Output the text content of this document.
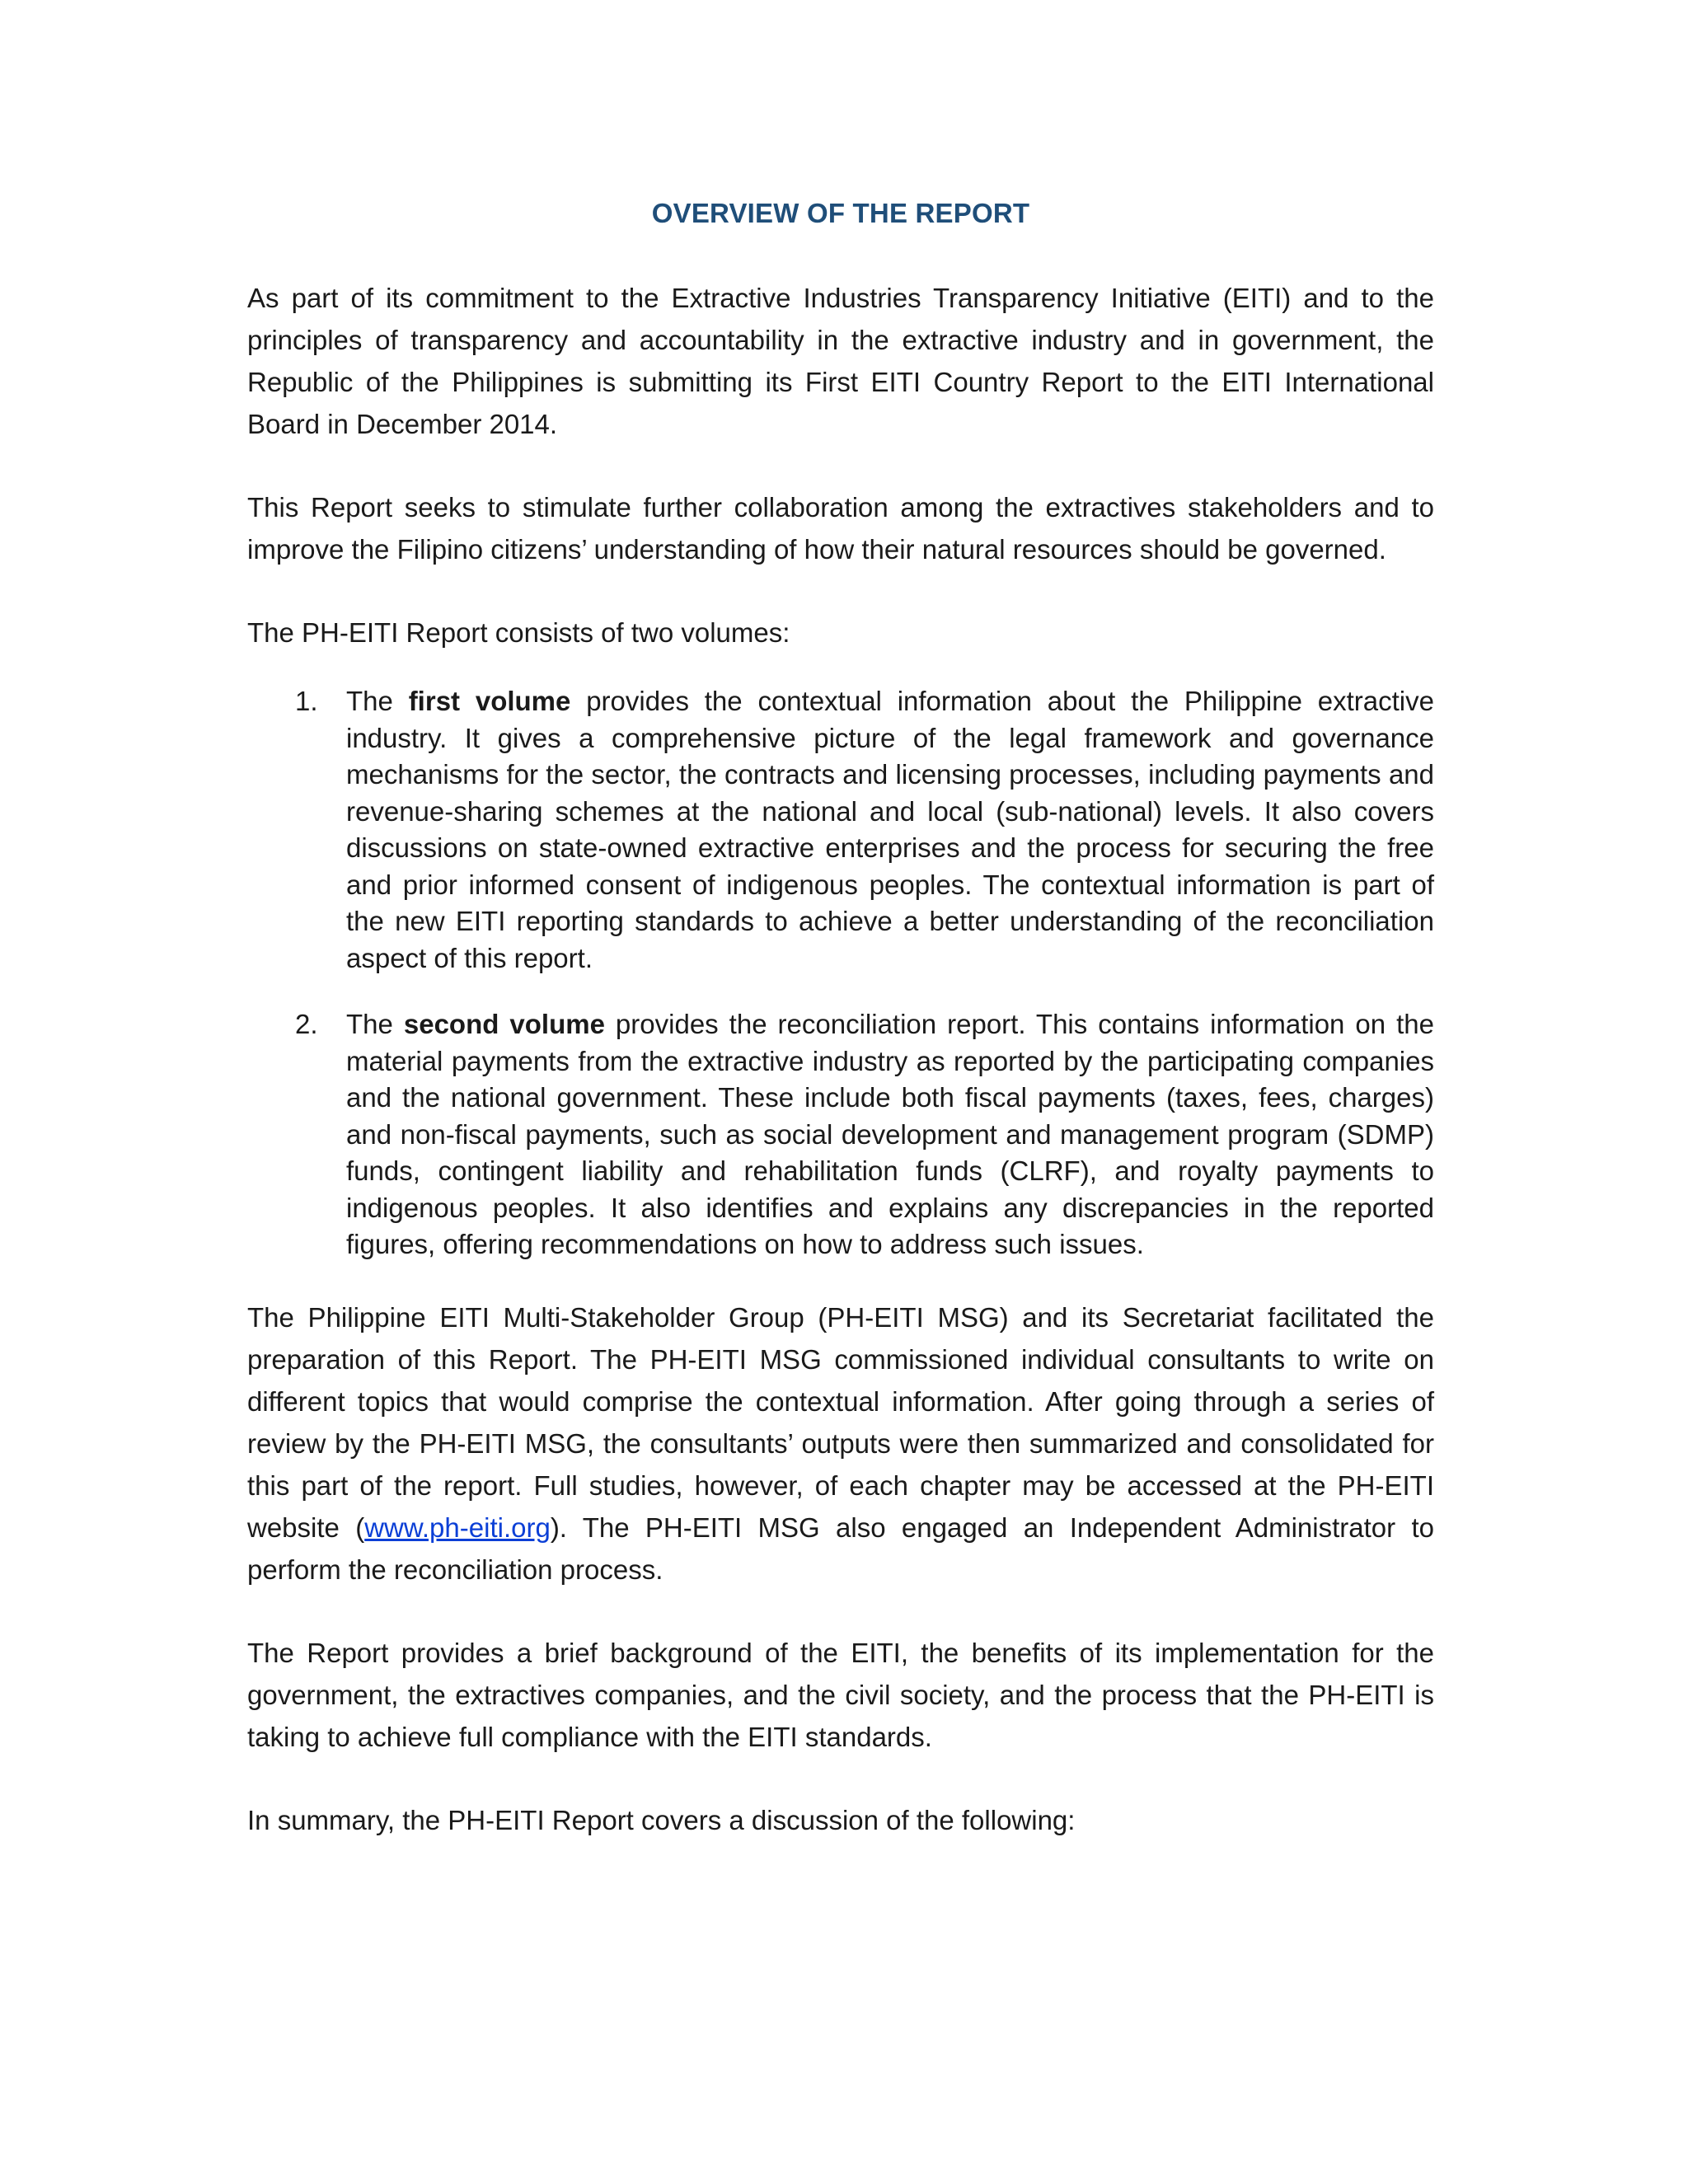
OVERVIEW OF THE REPORT

As part of its commitment to the Extractive Industries Transparency Initiative (EITI) and to the principles of transparency and accountability in the extractive industry and in government, the Republic of the Philippines is submitting its First EITI Country Report to the EITI International Board in December 2014.

This Report seeks to stimulate further collaboration among the extractives stakeholders and to improve the Filipino citizens’ understanding of how their natural resources should be governed.

The PH-EITI Report consists of two volumes:

1.	The first volume provides the contextual information about the Philippine extractive industry. It gives a comprehensive picture of the legal framework and governance mechanisms for the sector, the contracts and licensing processes, including payments and revenue-sharing schemes at the national and local (sub-national) levels. It also covers discussions on state-owned extractive enterprises and the process for securing the free and prior informed consent of indigenous peoples. The contextual information is part of the new EITI reporting standards to achieve a better understanding of the reconciliation aspect of this report.
2.	The second volume provides the reconciliation report. This contains information on the material payments from the extractive industry as reported by the participating companies and the national government. These include both fiscal payments (taxes, fees, charges) and non-fiscal payments, such as social development and management program (SDMP) funds, contingent liability and rehabilitation funds (CLRF), and royalty payments to indigenous peoples. It also identifies and explains any discrepancies in the reported figures, offering recommendations on how to address such issues.

The Philippine EITI Multi-Stakeholder Group (PH-EITI MSG) and its Secretariat facilitated the preparation of this Report. The PH-EITI MSG commissioned individual consultants to write on different topics that would comprise the contextual information. After going through a series of review by the PH-EITI MSG, the consultants’ outputs were then summarized and consolidated for this part of the report. Full studies, however, of each chapter may be accessed at the PH-EITI website (www.ph-eiti.org). The PH-EITI MSG also engaged an Independent Administrator to perform the reconciliation process.

The Report provides a brief background of the EITI, the benefits of its implementation for the government, the extractives companies, and the civil society, and the process that the PH-EITI is taking to achieve full compliance with the EITI standards.

In summary, the PH-EITI Report covers a discussion of the following:
